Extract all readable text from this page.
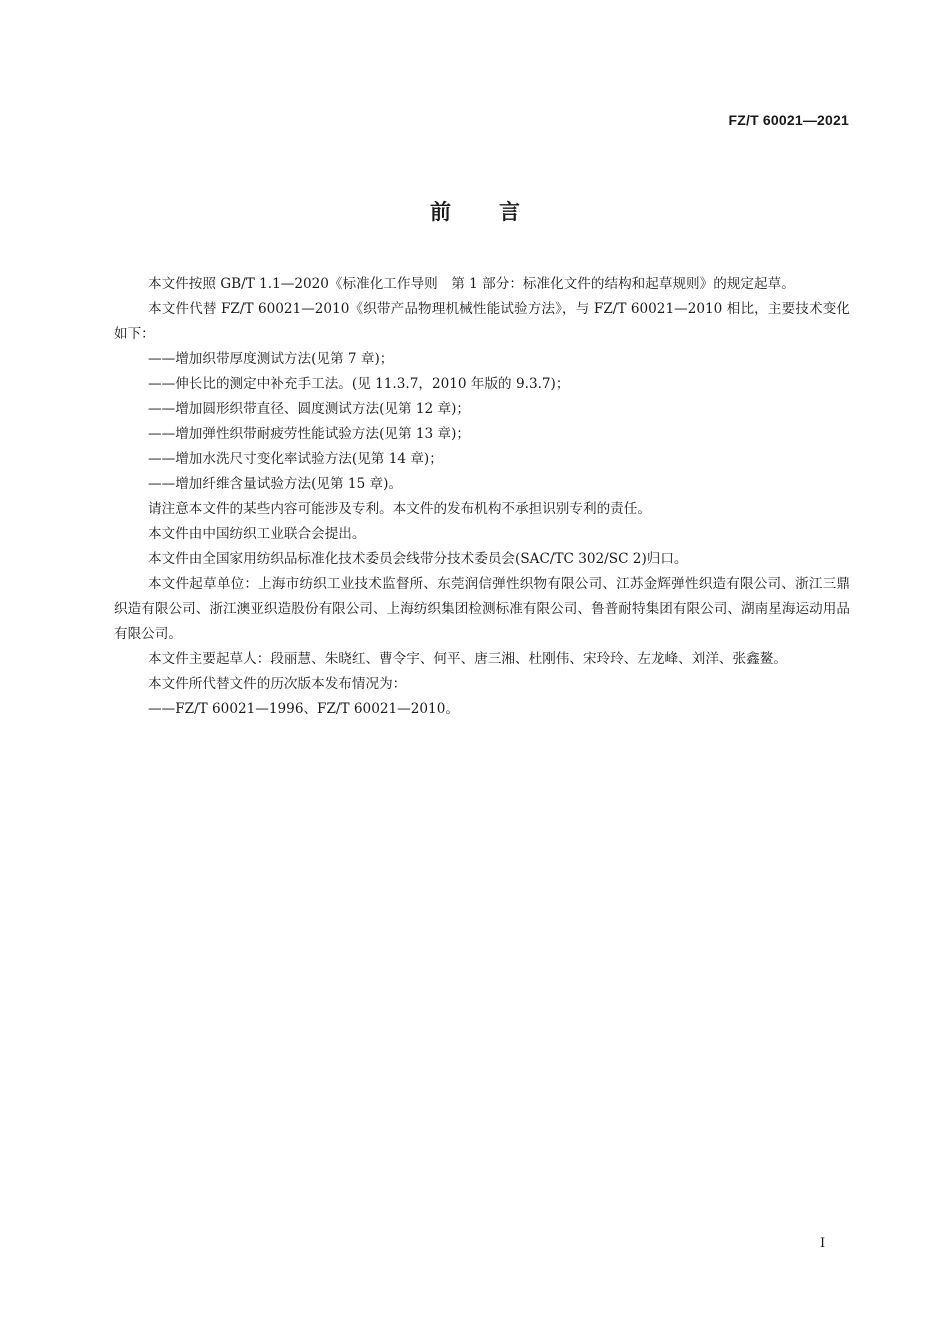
FZ/T 60021—2021
前言

本文件按照 GB/T 1.1—2020《标准化工作导则　第 1 部分：标准化文件的结构和起草规则》的规定起草。

本文件代替 FZ/T 60021—2010《织带产品物理机械性能试验方法》，与 FZ/T 60021—2010 相比，主要技术变化如下：

——增加织带厚度测试方法(见第 7 章)；

——伸长比的测定中补充手工法。(见 11.3.7，2010 年版的 9.3.7)；

——增加圆形织带直径、圆度测试方法(见第 12 章)；

——增加弹性织带耐疲劳性能试验方法(见第 13 章)；

——增加水洗尺寸变化率试验方法(见第 14 章)；

——增加纤维含量试验方法(见第 15 章)。

请注意本文件的某些内容可能涉及专利。本文件的发布机构不承担识别专利的责任。

本文件由中国纺织工业联合会提出。

本文件由全国家用纺织品标准化技术委员会线带分技术委员会(SAC/TC 302/SC 2)归口。

本文件起草单位：上海市纺织工业技术监督所、东莞润信弹性织物有限公司、江苏金辉弹性织造有限公司、浙江三鼎织造有限公司、浙江澳亚织造股份有限公司、上海纺织集团检测标准有限公司、鲁普耐特集团有限公司、湖南星海运动用品有限公司。

本文件主要起草人：段丽慧、朱晓红、曹令宇、何平、唐三湘、杜刚伟、宋玲玲、左龙峰、刘洋、张鑫鳌。

本文件所代替文件的历次版本发布情况为：

——FZ/T 60021—1996、FZ/T 60021—2010。

I
